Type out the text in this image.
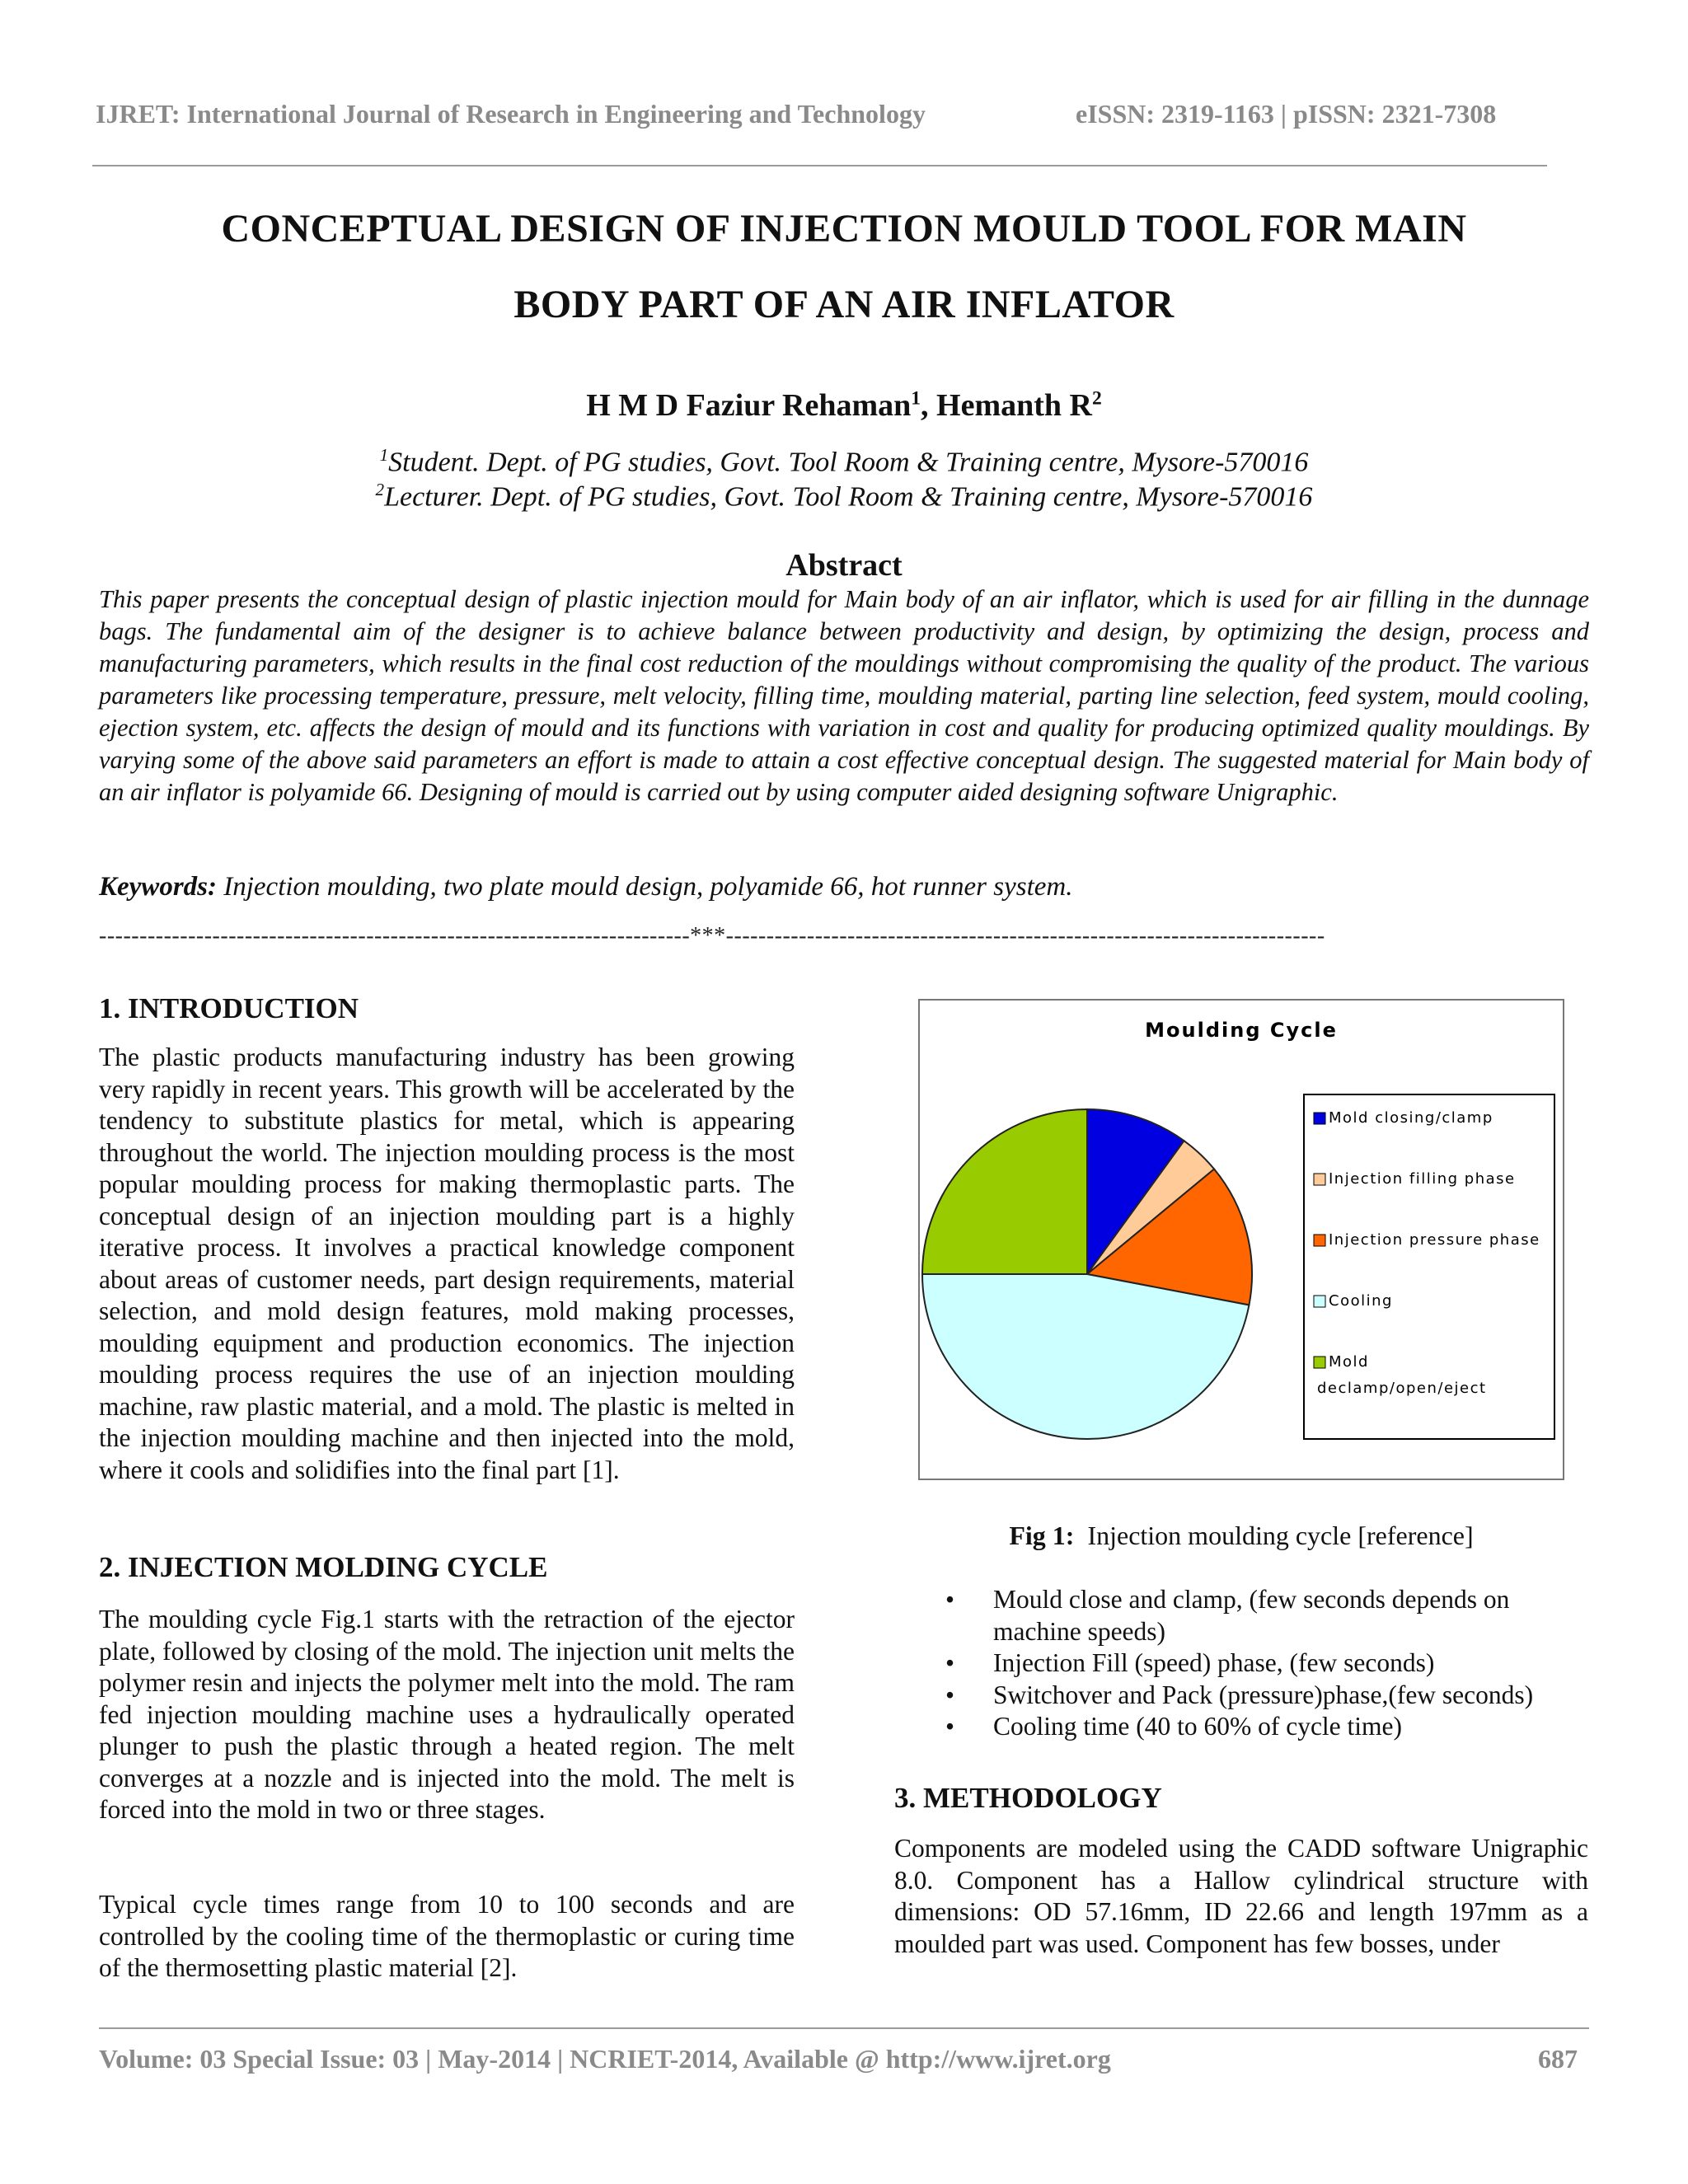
IJRET: International Journal of Research in Engineering and Technology	eISSN: 2319-1163 | pISSN: 2321-7308
CONCEPTUAL DESIGN OF INJECTION MOULD TOOL FOR MAIN
BODY PART OF AN AIR INFLATOR
H M D Faziur Rehaman$^1$, Hemanth $R^2$
$^1$Student. Dept. of PG studies, Govt. Tool Room & Training centre, Mysore-570016
$^2$Lecturer. Dept. of PG studies, Govt. Tool Room & Training centre, Mysore-570016
Abstract
This paper presents the conceptual design of plastic injection mould for Main body of an air inflator, which is used for air filling in the dunnage bags. The fundamental aim of the designer is to achieve balance between productivity and design, by optimizing the design, process and manufacturing parameters, which results in the final cost reduction of the mouldings without compromising the quality of the product. The various parameters like processing temperature, pressure, melt velocity, filling time, moulding material, parting line selection, feed system, mould cooling, ejection system, etc. affects the design of mould and its functions with variation in cost and quality for producing optimized quality mouldings. By varying some of the above said parameters an effort is made to attain a cost effective conceptual design. The suggested material for Main body of an air inflator is polyamide 66. Designing of mould is carried out by using computer aided designing software Unigraphic.
Keywords: Injection moulding, two plate mould design, polyamide 66, hot runner system.
-------------------------------------------------------------------------***--------------------------------------------------------------------------
1. INTRODUCTION
The plastic products manufacturing industry has been growing very rapidly in recent years. This growth will be accelerated by the tendency to substitute plastics for metal, which is appearing throughout the world. The injection moulding process is the most popular moulding process for making thermoplastic parts. The conceptual design of an injection moulding part is a highly iterative process. It involves a practical knowledge component about areas of customer needs, part design requirements, material selection, and mold design features, mold making processes, moulding equipment and production economics. The injection moulding process requires the use of an injection moulding machine, raw plastic material, and a mold. The plastic is melted in the injection moulding machine and then injected into the mold, where it cools and solidifies into the final part [1].
2. INJECTION MOLDING CYCLE
The moulding cycle Fig.1 starts with the retraction of the ejector plate, followed by closing of the mold. The injection unit melts the polymer resin and injects the polymer melt into the mold. The ram fed injection moulding machine uses a hydraulically operated plunger to push the plastic through a heated region. The melt converges at a nozzle and is injected into the mold. The melt is forced into the mold in two or three stages.
Typical cycle times range from 10 to 100 seconds and are controlled by the cooling time of the thermoplastic or curing time of the thermosetting plastic material [2].
Moulding Cycle
Mold closing/clamp
Injection filling phase
Injection pressure phase
Cooling
Mold
declamp/open/eject
Fig 1:  Injection moulding cycle [reference]
• Mould close and clamp, (few seconds depends on machine speeds)
• Injection Fill (speed) phase, (few seconds)
• Switchover and Pack (pressure)phase,(few seconds)
• Cooling time (40 to 60% of cycle time)
3. METHODOLOGY
Components are modeled using the CADD software Unigraphic 8.0. Component has a Hallow cylindrical structure with dimensions: OD 57.16mm, ID 22.66 and length 197mm as a moulded part was used. Component has few bosses, under
Volume: 03 Special Issue: 03 | May-2014 | NCRIET-2014, Available @ http://www.ijret.org	687
